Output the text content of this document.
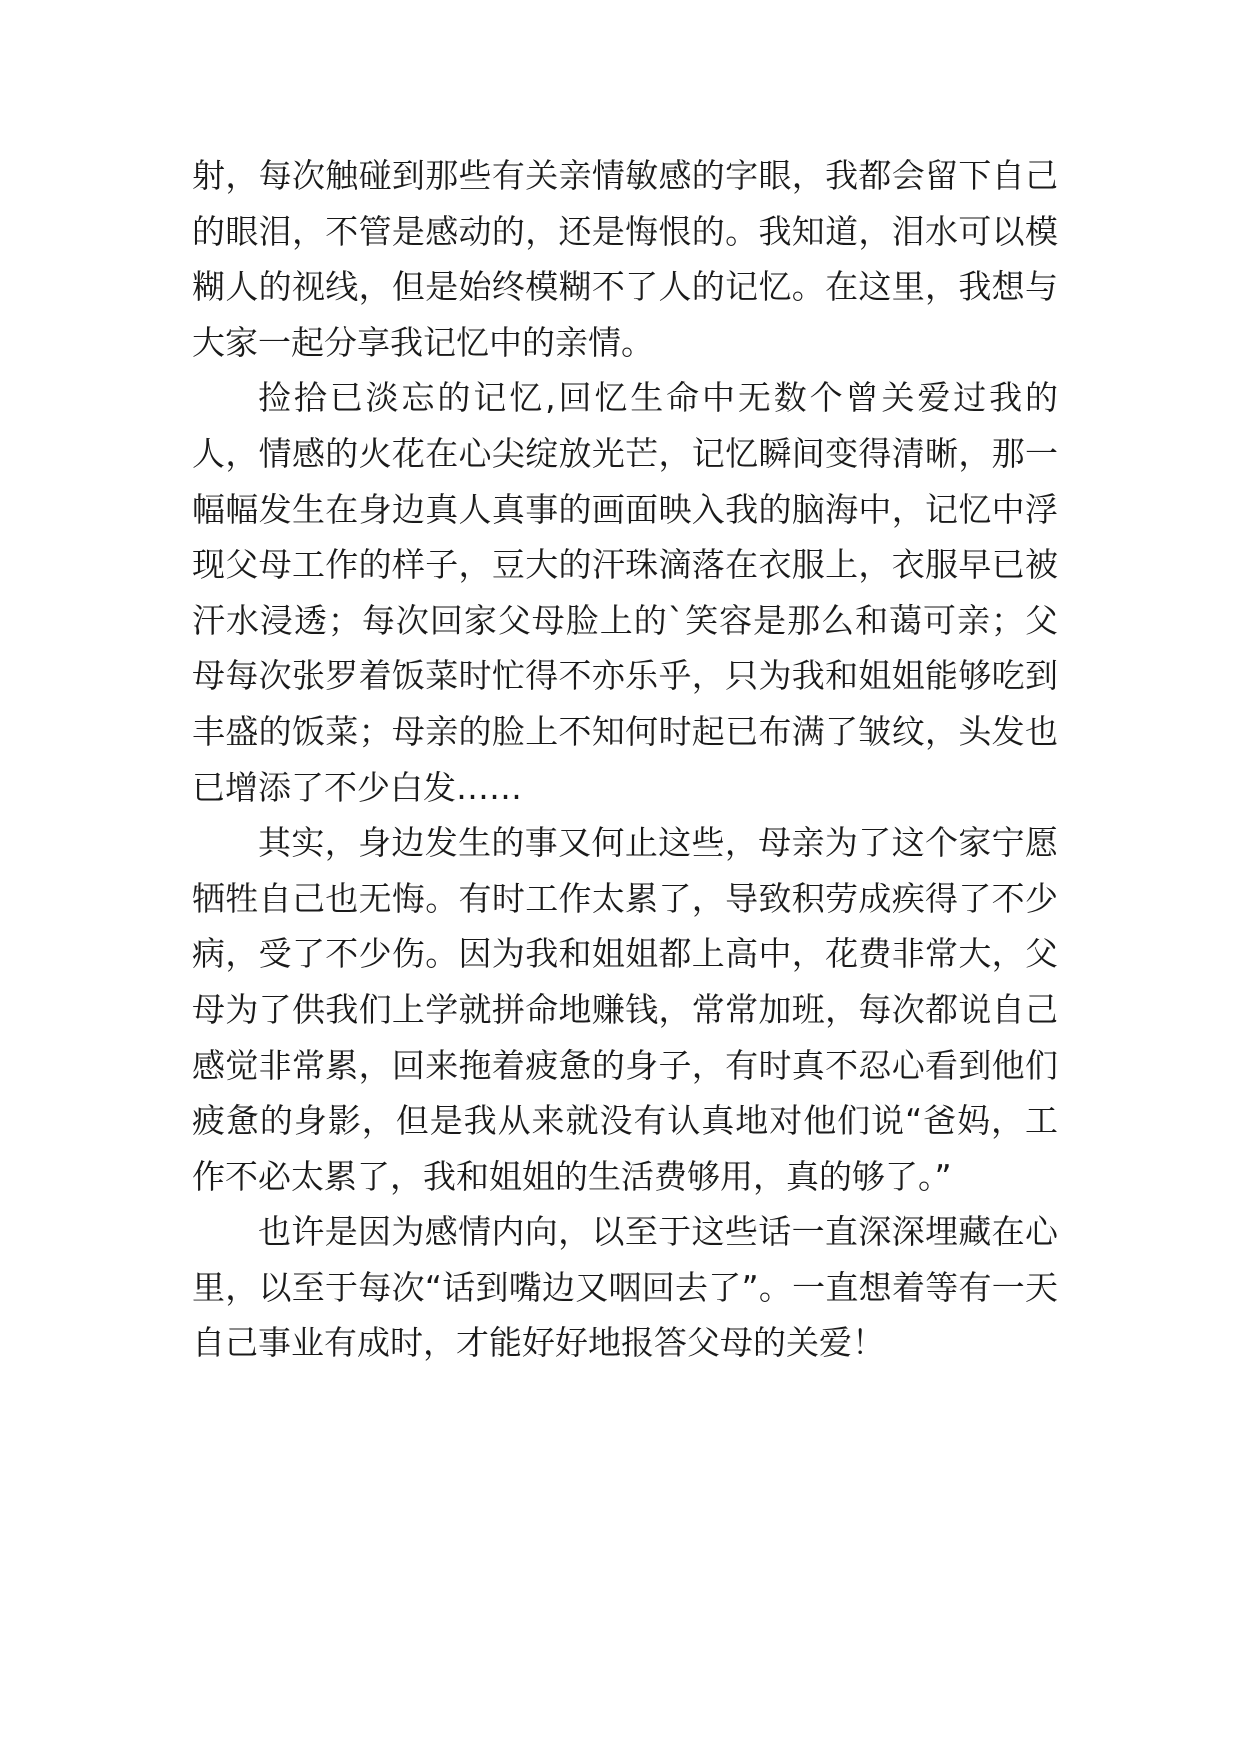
射，每次触碰到那些有关亲情敏感的字眼，我都会留下自己的眼泪，不管是感动的，还是悔恨的。我知道，泪水可以模糊人的视线，但是始终模糊不了人的记忆。在这里，我想与大家一起分享我记忆中的亲情。

捡拾已淡忘的记忆,回忆生命中无数个曾关爱过我的人，情感的火花在心尖绽放光芒，记忆瞬间变得清晰，那一幅幅发生在身边真人真事的画面映入我的脑海中，记忆中浮现父母工作的样子，豆大的汗珠滴落在衣服上，衣服早已被汗水浸透；每次回家父母脸上的`笑容是那么和蔼可亲；父母每次张罗着饭菜时忙得不亦乐乎，只为我和姐姐能够吃到丰盛的饭菜；母亲的脸上不知何时起已布满了皱纹，头发也已增添了不少白发……

其实，身边发生的事又何止这些，母亲为了这个家宁愿牺牲自己也无悔。有时工作太累了，导致积劳成疾得了不少病，受了不少伤。因为我和姐姐都上高中，花费非常大，父母为了供我们上学就拼命地赚钱，常常加班，每次都说自己感觉非常累，回来拖着疲惫的身子，有时真不忍心看到他们疲惫的身影，但是我从来就没有认真地对他们说“爸妈，工作不必太累了，我和姐姐的生活费够用，真的够了。”

也许是因为感情内向，以至于这些话一直深深埋藏在心里，以至于每次“话到嘴边又咽回去了”。一直想着等有一天自己事业有成时，才能好好地报答父母的关爱！
